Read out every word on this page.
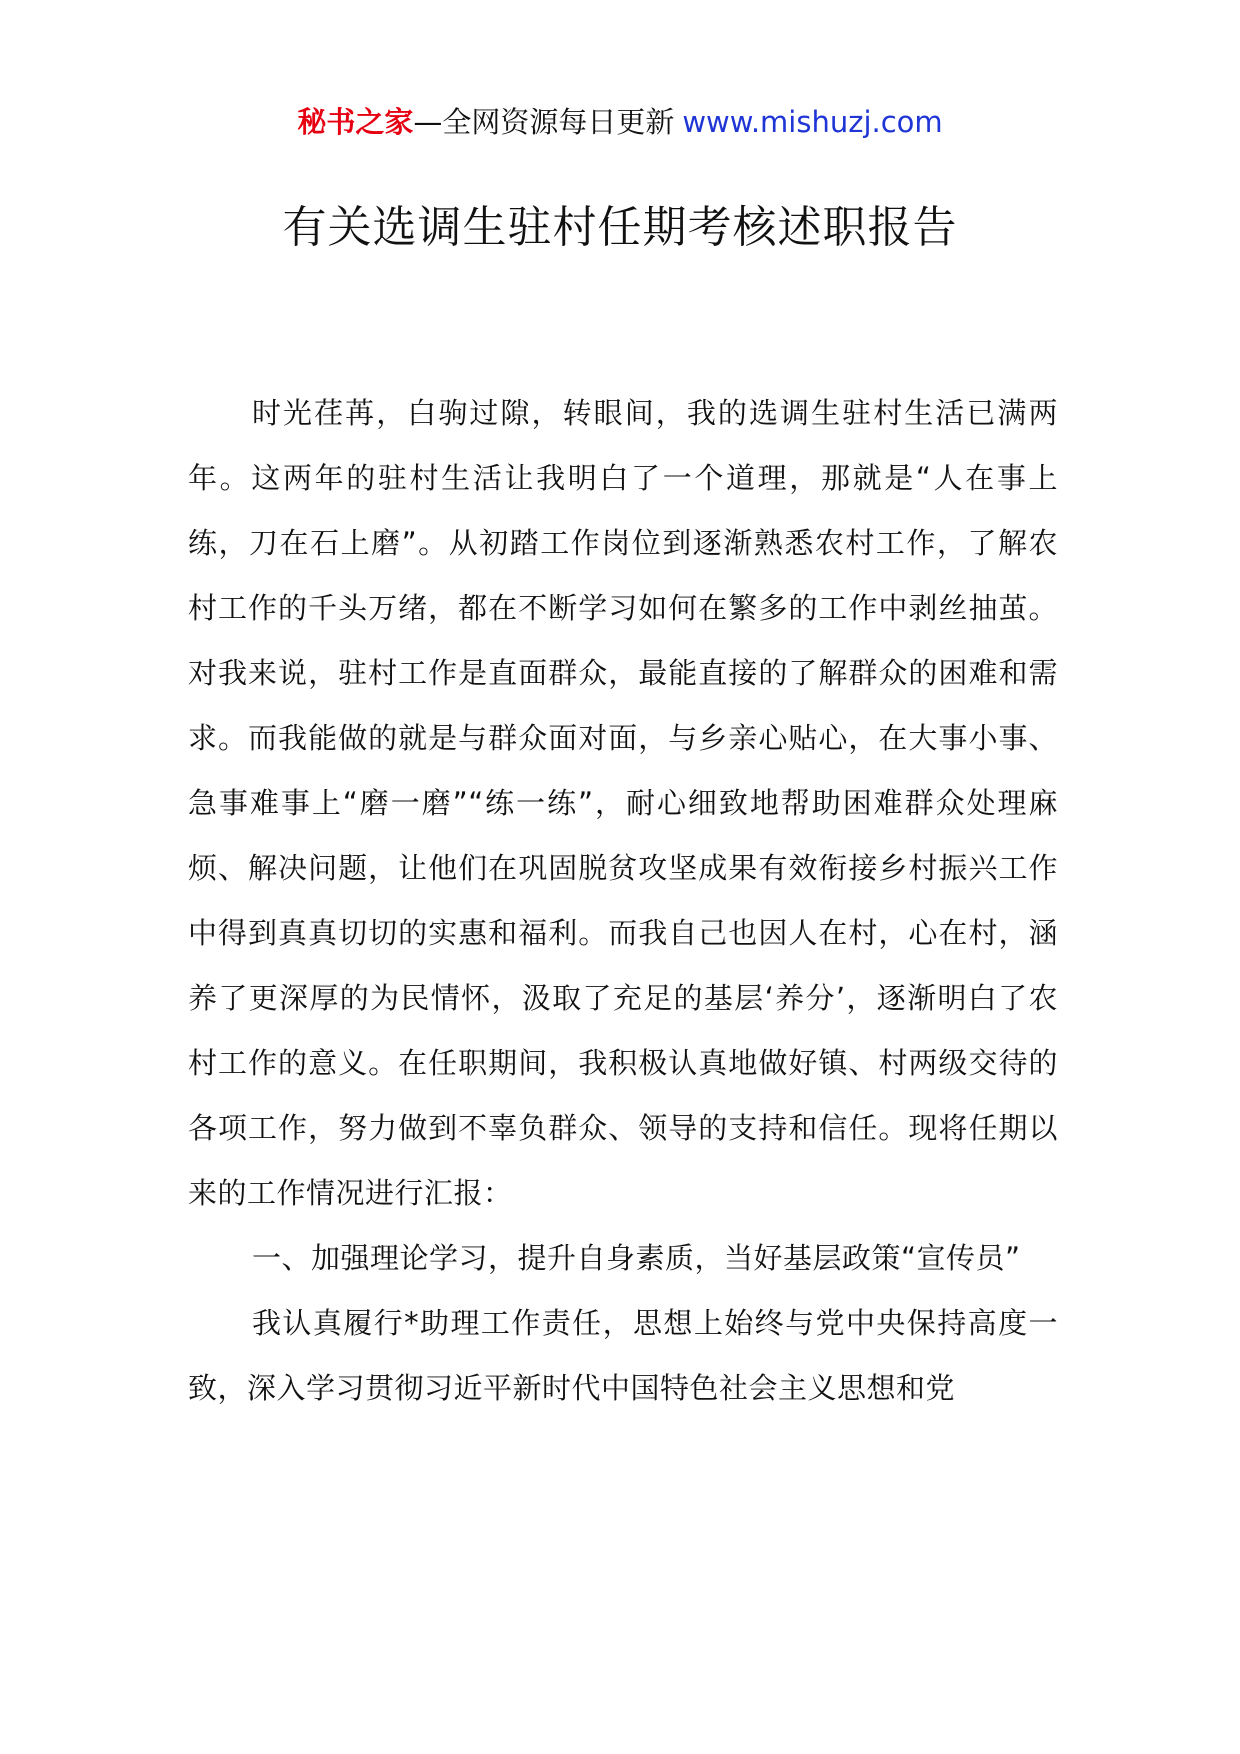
秘书之家—全网资源每日更新 www.mishuzj.com
有关选调生驻村任期考核述职报告

时光荏苒，白驹过隙，转眼间，我的选调生驻村生活已满两年。这两年的驻村生活让我明白了一个道理，那就是“人在事上练，刀在石上磨”。从初踏工作岗位到逐渐熟悉农村工作，了解农村工作的千头万绪，都在不断学习如何在繁多的工作中剥丝抽茧。对我来说，驻村工作是直面群众，最能直接的了解群众的困难和需求。而我能做的就是与群众面对面，与乡亲心贴心，在大事小事、急事难事上“磨一磨”“练一练”，耐心细致地帮助困难群众处理麻烦、解决问题，让他们在巩固脱贫攻坚成果有效衔接乡村振兴工作中得到真真切切的实惠和福利。而我自己也因人在村，心在村，涵养了更深厚的为民情怀，汲取了充足的基层‘养分’，逐渐明白了农村工作的意义。在任职期间，我积极认真地做好镇、村两级交待的各项工作，努力做到不辜负群众、领导的支持和信任。现将任期以来的工作情况进行汇报：

一、加强理论学习，提升自身素质，当好基层政策“宣传员”

我认真履行*助理工作责任，思想上始终与党中央保持高度一致，深入学习贯彻习近平新时代中国特色社会主义思想和党
